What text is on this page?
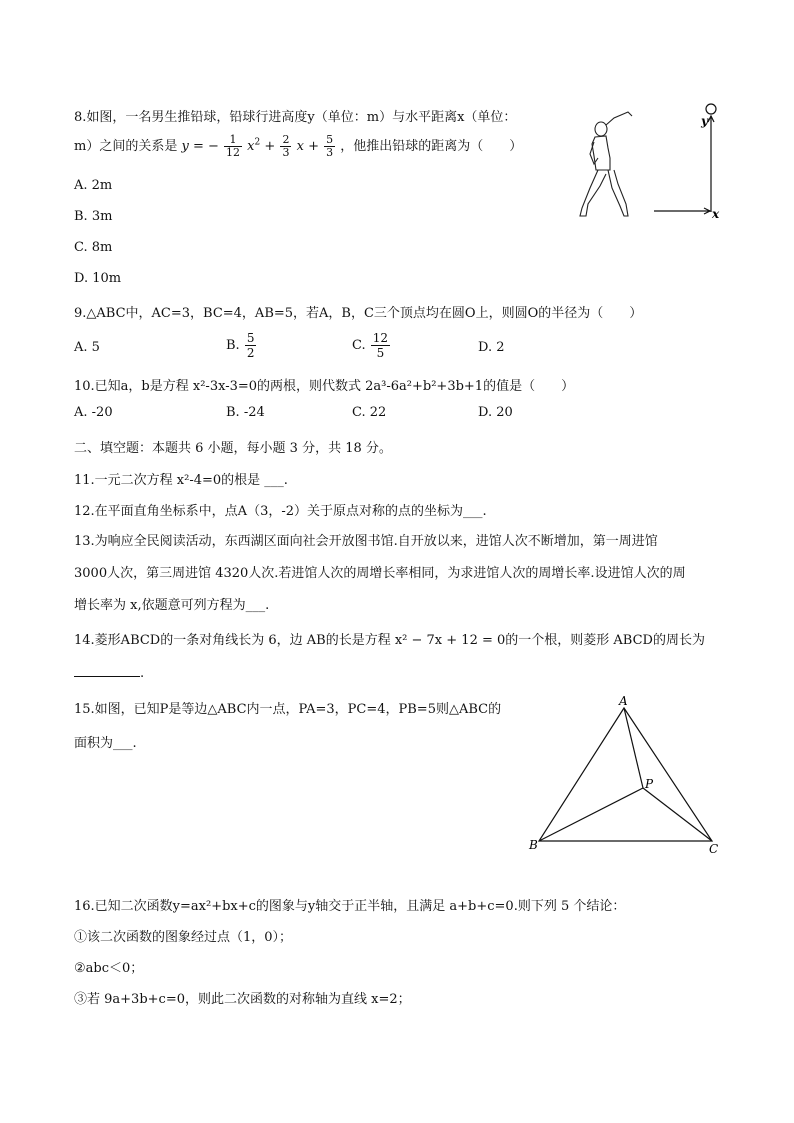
8.如图，一名男生推铅球，铅球行进高度y（单位：m）与水平距离x（单位：
m）之间的关系是 y = − $\frac{1}{12} x^2 + \frac{2}{3}$ $x + \frac{5}{3}$ ，他推出铅球的距离为（　　）
A. 2m
B. 3m
C. 8m
D. 10m
y
x
9.△ABC中，AC=3，BC=4，AB=5，若A，B，C三个顶点均在圆O上，则圆O的半径为（　　）
A. 5	B. $\frac{5}{2}$	C. $\frac{12}{5}$	D. 2
10.已知a，b是方程 x²-3x-3=0的两根，则代数式 2a³-6a²+b²+3b+1的值是（　　）
A. -20	B. -24	C. 22	D. 20
二、填空题：本题共 6 小题，每小题 3 分，共 18 分。
11.一元二次方程 x²-4=0的根是 ___.
12.在平面直角坐标系中，点A（3，-2）关于原点对称的点的坐标为___.
13.为响应全民阅读活动，东西湖区面向社会开放图书馆.自开放以来，进馆人次不断增加，第一周进馆
3000人次，第三周进馆 4320人次.若进馆人次的周增长率相同，为求进馆人次的周增长率.设进馆人次的周
增长率为 x,依题意可列方程为___.
14.菱形ABCD的一条对角线长为 6，边 AB的长是方程 x² − 7x + 12 = 0的一个根，则菱形 ABCD的周长为
.
15.如图，已知P是等边△ABC内一点，PA=3，PC=4，PB=5则△ABC的
面积为___.
A
B	C
P
16.已知二次函数y=ax²+bx+c的图象与y轴交于正半轴，且满足 a+b+c=0.则下列 5 个结论：
①该二次函数的图象经过点（1，0）；
②abc＜0；
③若 9a+3b+c=0，则此二次函数的对称轴为直线 x=2；
